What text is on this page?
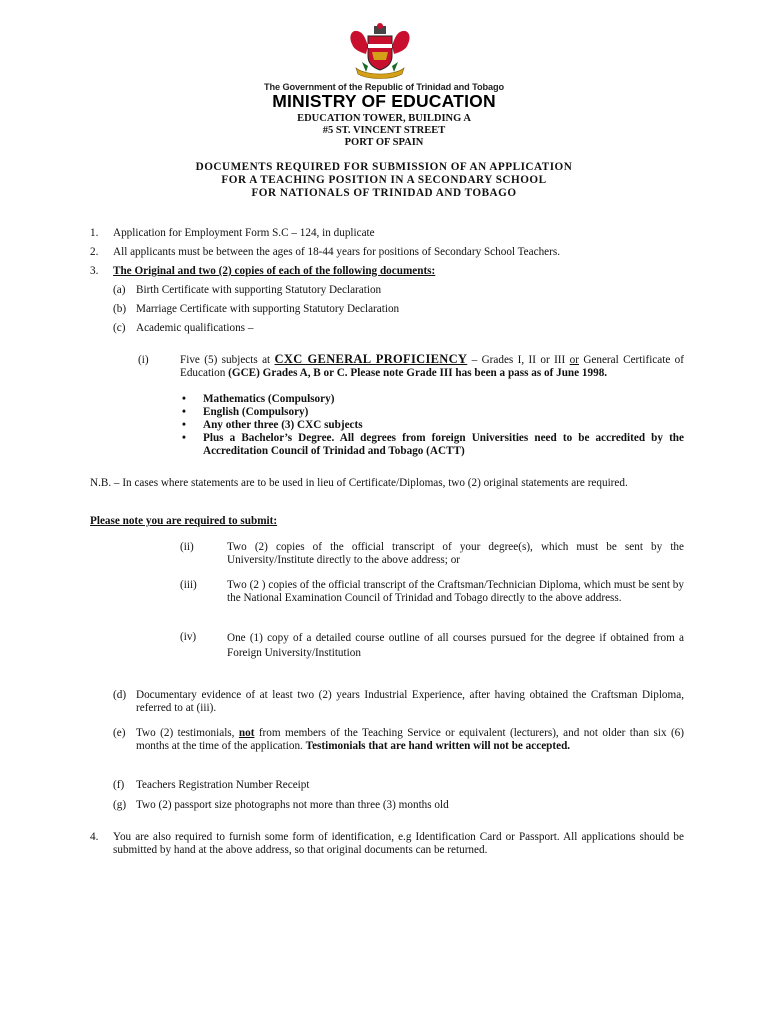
The Government of the Republic of Trinidad and Tobago
MINISTRY OF EDUCATION
EDUCATION TOWER, BUILDING A
#5 ST. VINCENT STREET
PORT OF SPAIN
DOCUMENTS REQUIRED FOR SUBMISSION OF AN APPLICATION
FOR A TEACHING POSITION IN A SECONDARY SCHOOL
FOR NATIONALS OF TRINIDAD AND TOBAGO
1. Application for Employment Form S.C – 124, in duplicate
2. All applicants must be between the ages of 18-44 years for positions of Secondary School Teachers.
3. The Original and two (2) copies of each of the following documents:
(a) Birth Certificate with supporting Statutory Declaration
(b) Marriage Certificate with supporting Statutory Declaration
(c) Academic qualifications –
(i)	Five (5) subjects at CXC GENERAL PROFICIENCY – Grades I, II or III or General Certificate of Education (GCE) Grades A, B or C. Please note Grade III has been a pass as of June 1998.
• Mathematics (Compulsory)
• English (Compulsory)
• Any other three (3) CXC subjects
• Plus a Bachelor’s Degree. All degrees from foreign Universities need to be accredited by the Accreditation Council of Trinidad and Tobago (ACTT)
N.B. – In cases where statements are to be used in lieu of Certificate/Diplomas, two (2) original statements are required.
Please note you are required to submit:
(ii)	Two (2) copies of the official transcript of your degree(s), which must be sent by the University/Institute directly to the above address; or
(iii)	Two (2 ) copies of the official transcript of the Craftsman/Technician Diploma, which must be sent by the National Examination Council of Trinidad and Tobago directly to the above address.
(iv)	One (1) copy of a detailed course outline of all courses pursued for the degree if obtained from a Foreign University/Institution
(d) Documentary evidence of at least two (2) years Industrial Experience, after having obtained the Craftsman Diploma, referred to at (iii).
(e) Two (2) testimonials, not from members of the Teaching Service or equivalent (lecturers), and not older than six (6) months at the time of the application. Testimonials that are hand written will not be accepted.
(f) Teachers Registration Number Receipt
(g) Two (2) passport size photographs not more than three (3) months old
4. You are also required to furnish some form of identification, e.g Identification Card or Passport. All applications should be submitted by hand at the above address, so that original documents can be returned.
